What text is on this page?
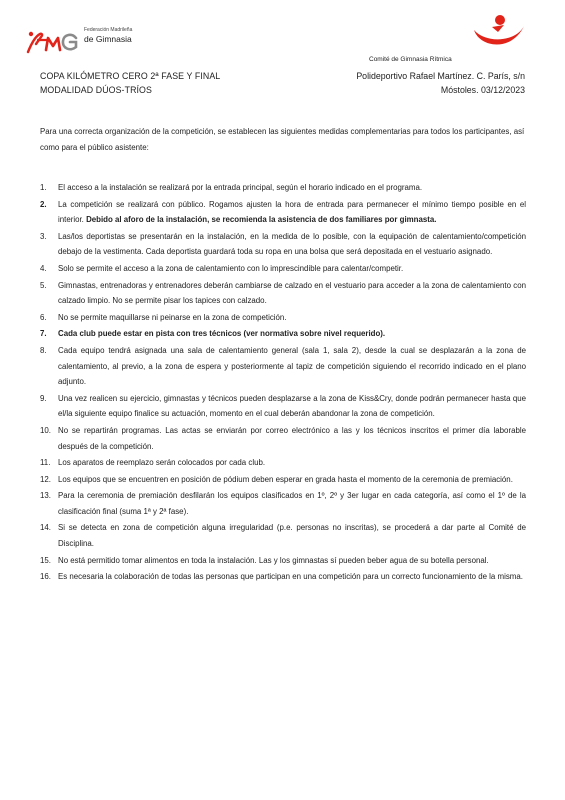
Federación Madrileña
de Gimnasia
Comité de Gimnasia Rítmica
COPA KILÓMETRO CERO 2ª FASE Y FINAL
MODALIDAD DÚOS-TRÍOS
Polideportivo Rafael Martínez. C. París, s/n
Móstoles. 03/12/2023
Para una correcta organización de la competición, se establecen las siguientes medidas complementarias para todos los participantes, así como para el público asistente:
1. El acceso a la instalación se realizará por la entrada principal, según el horario indicado en el programa.
2. La competición se realizará con público. Rogamos ajusten la hora de entrada para permanecer el mínimo tiempo posible en el interior. Debido al aforo de la instalación, se recomienda la asistencia de dos familiares por gimnasta.
3. Las/los deportistas se presentarán en la instalación, en la medida de lo posible, con la equipación de calentamiento/competición debajo de la vestimenta. Cada deportista guardará toda su ropa en una bolsa que será depositada en el vestuario asignado.
4. Solo se permite el acceso a la zona de calentamiento con lo imprescindible para calentar/competir.
5. Gimnastas, entrenadoras y entrenadores deberán cambiarse de calzado en el vestuario para acceder a la zona de calentamiento con calzado limpio. No se permite pisar los tapices con calzado.
6. No se permite maquillarse ni peinarse en la zona de competición.
7. Cada club puede estar en pista con tres técnicos (ver normativa sobre nivel requerido).
8. Cada equipo tendrá asignada una sala de calentamiento general (sala 1, sala 2), desde la cual se desplazarán a la zona de calentamiento, al previo, a la zona de espera y posteriormente al tapiz de competición siguiendo el recorrido indicado en el plano adjunto.
9. Una vez realicen su ejercicio, gimnastas y técnicos pueden desplazarse a la zona de Kiss&Cry, donde podrán permanecer hasta que el/la siguiente equipo finalice su actuación, momento en el cual deberán abandonar la zona de competición.
10. No se repartirán programas. Las actas se enviarán por correo electrónico a las y los técnicos inscritos el primer día laborable después de la competición.
11. Los aparatos de reemplazo serán colocados por cada club.
12. Los equipos que se encuentren en posición de pódium deben esperar en grada hasta el momento de la ceremonia de premiación.
13. Para la ceremonia de premiación desfilarán los equipos clasificados en 1º, 2º y 3er lugar en cada categoría, así como el 1º de la clasificación final (suma 1ª y 2ª fase).
14. Si se detecta en zona de competición alguna irregularidad (p.e. personas no inscritas), se procederá a dar parte al Comité de Disciplina.
15. No está permitido tomar alimentos en toda la instalación. Las y los gimnastas sí pueden beber agua de su botella personal.
16. Es necesaria la colaboración de todas las personas que participan en una competición para un correcto funcionamiento de la misma.
